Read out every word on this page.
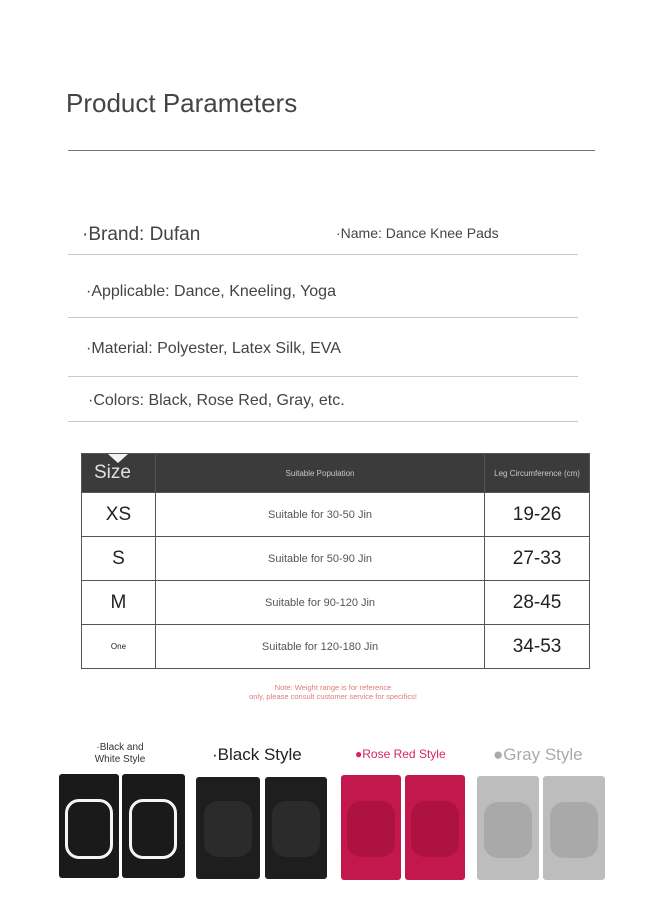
Product Parameters
·Brand: Dufan	·Name: Dance Knee Pads
·Applicable: Dance, Kneeling, Yoga
·Material: Polyester, Latex Silk, EVA
·Colors: Black, Rose Red, Gray, etc.
Size	Suitable Population	Leg Circumference (cm)
XS	Suitable for 30-50 Jin	19-26
S	Suitable for 50-90 Jin	27-33
M	Suitable for 90-120 Jin	28-45
One	Suitable for 120-180 Jin	34-53
Note: Weight range is for reference
only, please consult customer service for specifics!
·Black and
White Style	·Black Style	●Rose Red Style	●Gray Style
